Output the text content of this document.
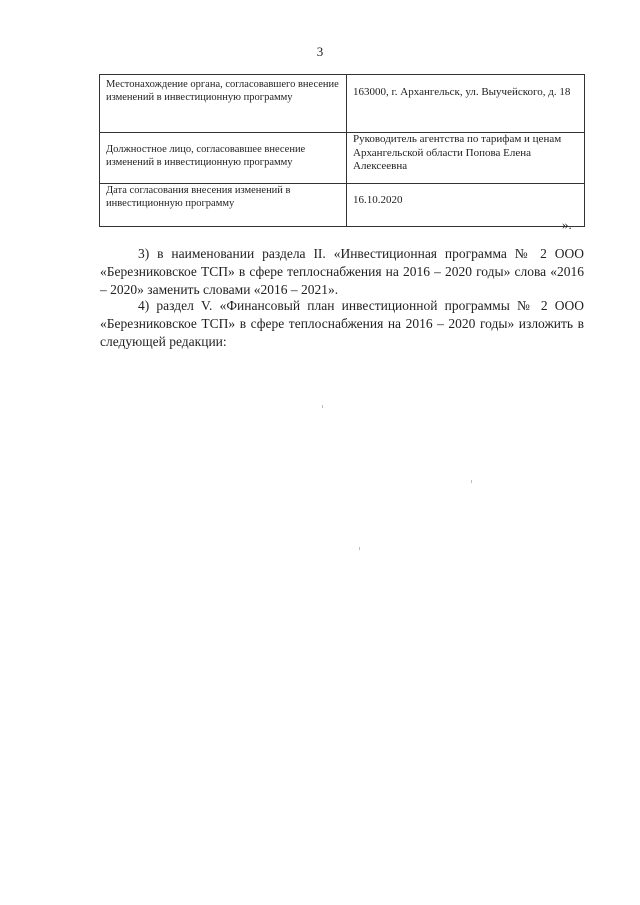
3
Местонахождение органа, согласовавшего внесение изменений в инвестиционную программу	163000, г. Архангельск, ул. Выучейского, д. 18
Должностное лицо, согласовавшее внесение изменений в инвестиционную программу	Руководитель агентства по тарифам и ценам Архангельской области Попова Елена Алексеевна
Дата согласования внесения изменений в инвестиционную программу	16.10.2020
».
3) в наименовании раздела II. «Инвестиционная программа № 2 ООО «Березниковское ТСП» в сфере теплоснабжения на 2016 – 2020 годы» слова «2016 – 2020» заменить словами «2016 – 2021».
4) раздел V. «Финансовый план инвестиционной программы № 2 ООО «Березниковское ТСП» в сфере теплоснабжения на 2016 – 2020 годы» изложить в следующей редакции:
